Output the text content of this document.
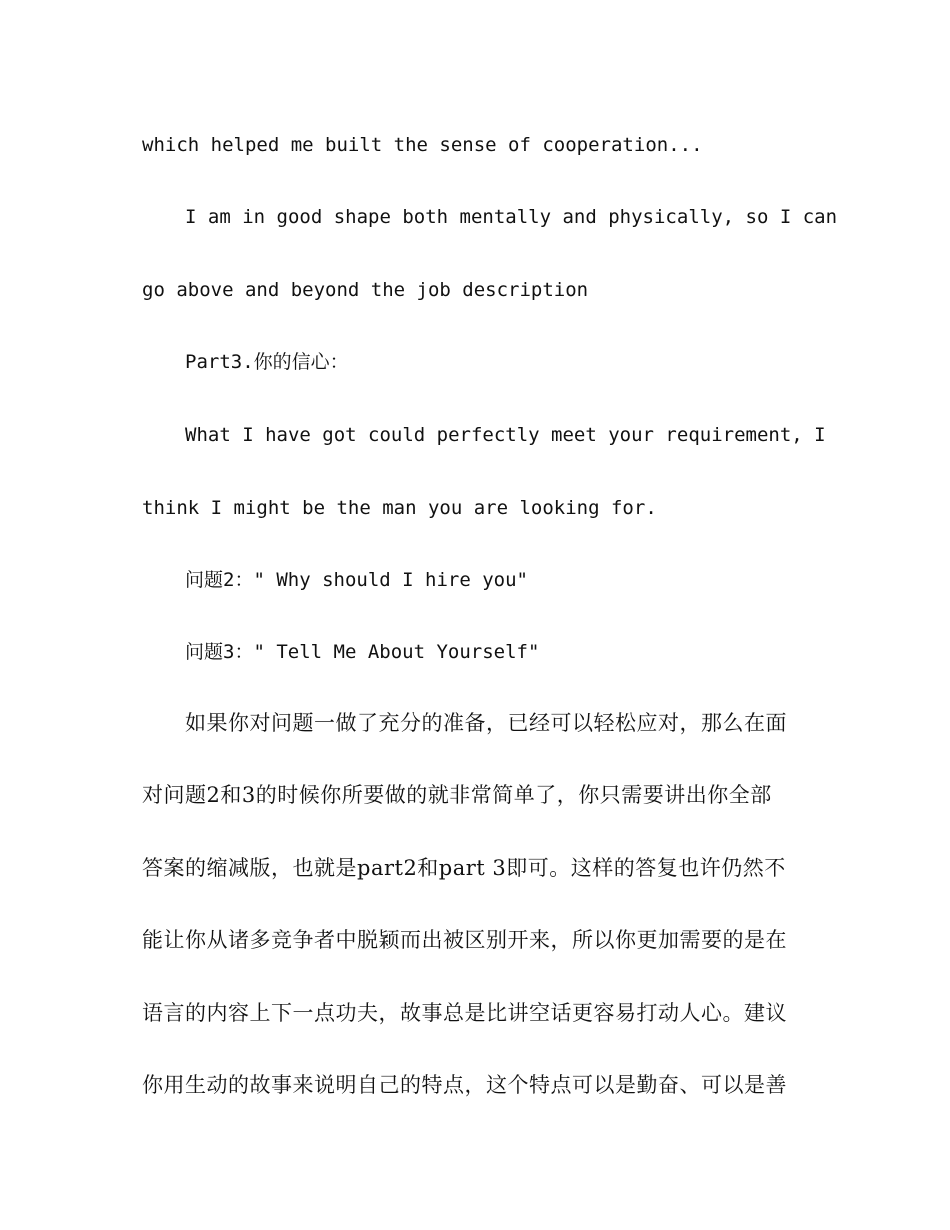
which helped me built the sense of cooperation...
I am in good shape both mentally and physically, so I can
go above and beyond the job description
Part3.你的信心：
What I have got could perfectly meet your requirement, I
think I might be the man you are looking for.
问题2：" Why should I hire you"
问题3：" Tell Me About Yourself"
如果你对问题一做了充分的准备，已经可以轻松应对，那么在面
对问题2和3的时候你所要做的就非常简单了，你只需要讲出你全部
答案的缩减版，也就是part2和part 3即可。这样的答复也许仍然不
能让你从诸多竞争者中脱颖而出被区别开来，所以你更加需要的是在
语言的内容上下一点功夫，故事总是比讲空话更容易打动人心。建议
你用生动的故事来说明自己的特点，这个特点可以是勤奋、可以是善
